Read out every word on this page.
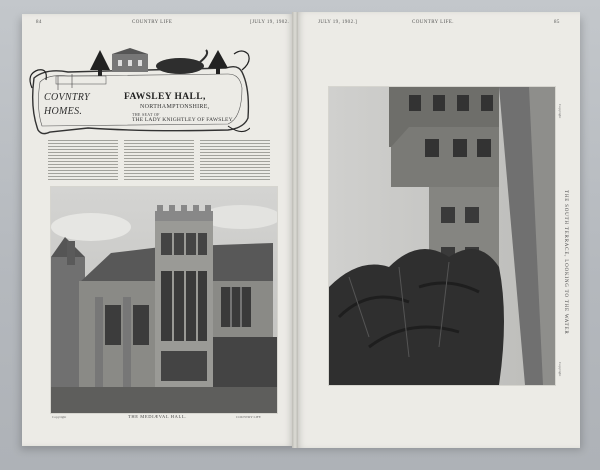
84	COUNTRY LIFE	[JULY 19, 1902.
COVNTRY
HOMES.
FAWSLEY HALL,
NORTHAMPTONSHIRE,
THE SEAT OF
THE LADY KNIGHTLEY OF FAWSLEY.
Copyright	THE MEDIÆVAL HALL.	COUNTRY LIFE
JULY 19, 1902.]	COUNTRY LIFE.	85
THE SOUTH TERRACE, LOOKING TO THE WATER
Copyright
Copyright
